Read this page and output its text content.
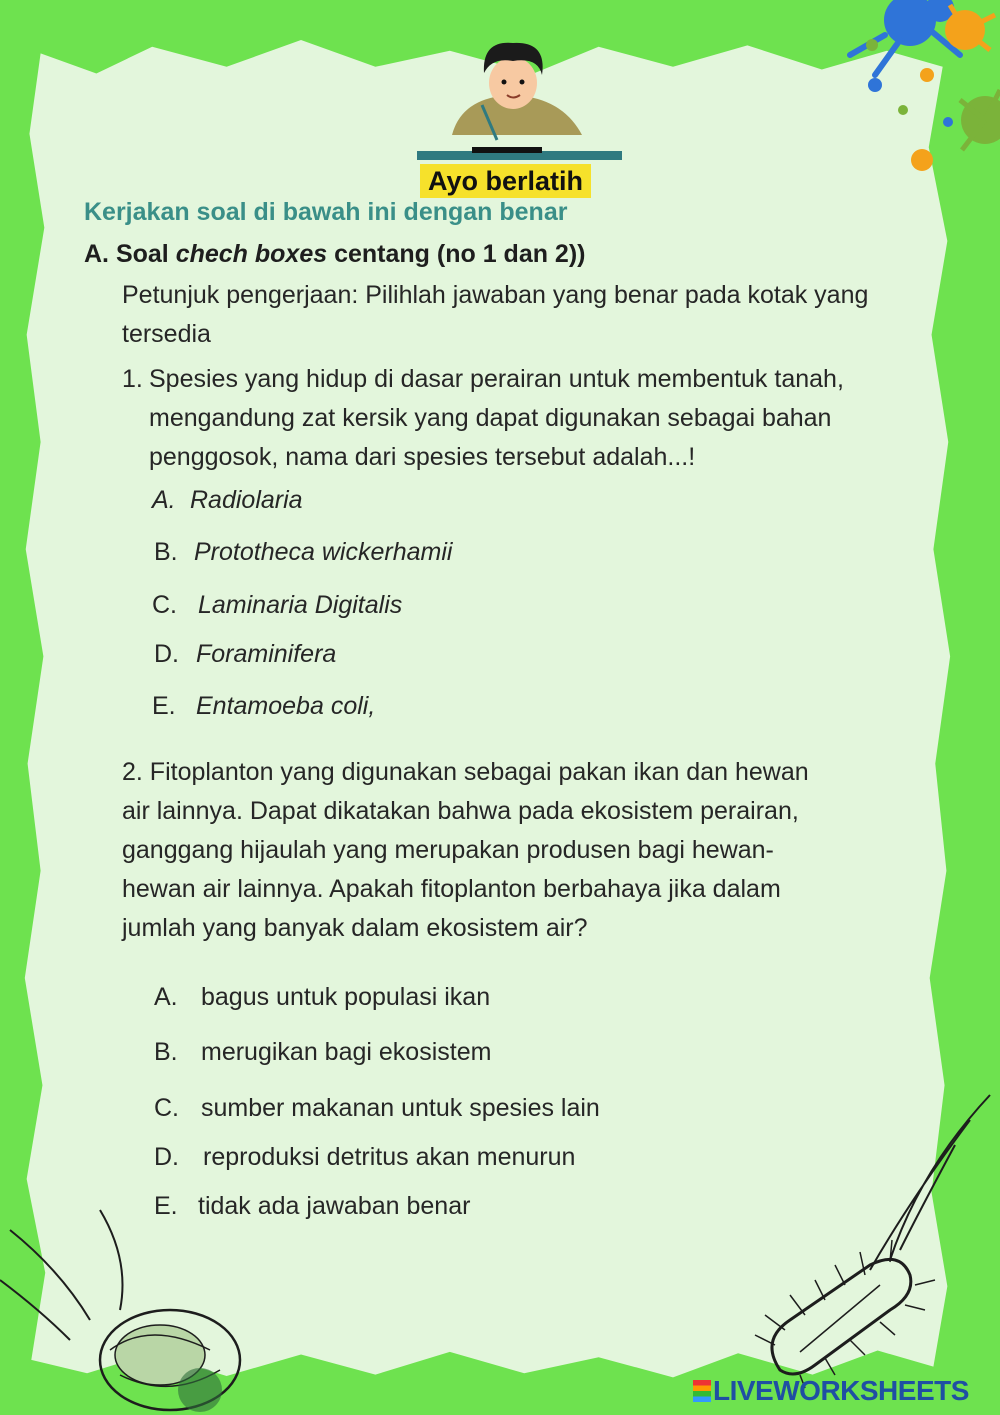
Ayo berlatih
Kerjakan soal di bawah ini dengan benar
A. Soal chech boxes centang (no 1 dan 2))
Petunjuk pengerjaan: Pilihlah jawaban yang benar pada kotak yang
tersedia
1. Spesies yang hidup di dasar perairan untuk membentuk tanah,
mengandung zat kersik yang dapat digunakan sebagai bahan
penggosok, nama dari spesies tersebut adalah...!
A. Radiolaria
B. Prototheca wickerhamii
C. Laminaria Digitalis
D. Foraminifera
E. Entamoeba coli,
2. Fitoplanton yang digunakan sebagai pakan ikan dan hewan
air lainnya. Dapat dikatakan bahwa pada ekosistem perairan,
ganggang hijaulah yang merupakan produsen bagi hewan-
hewan air lainnya. Apakah fitoplanton berbahaya jika dalam
jumlah yang banyak dalam ekosistem air?
A. bagus untuk populasi ikan
B. merugikan bagi ekosistem
C. sumber makanan untuk spesies lain
D. reproduksi detritus akan menurun
E. tidak ada jawaban benar
LIVEWORKSHEETS
